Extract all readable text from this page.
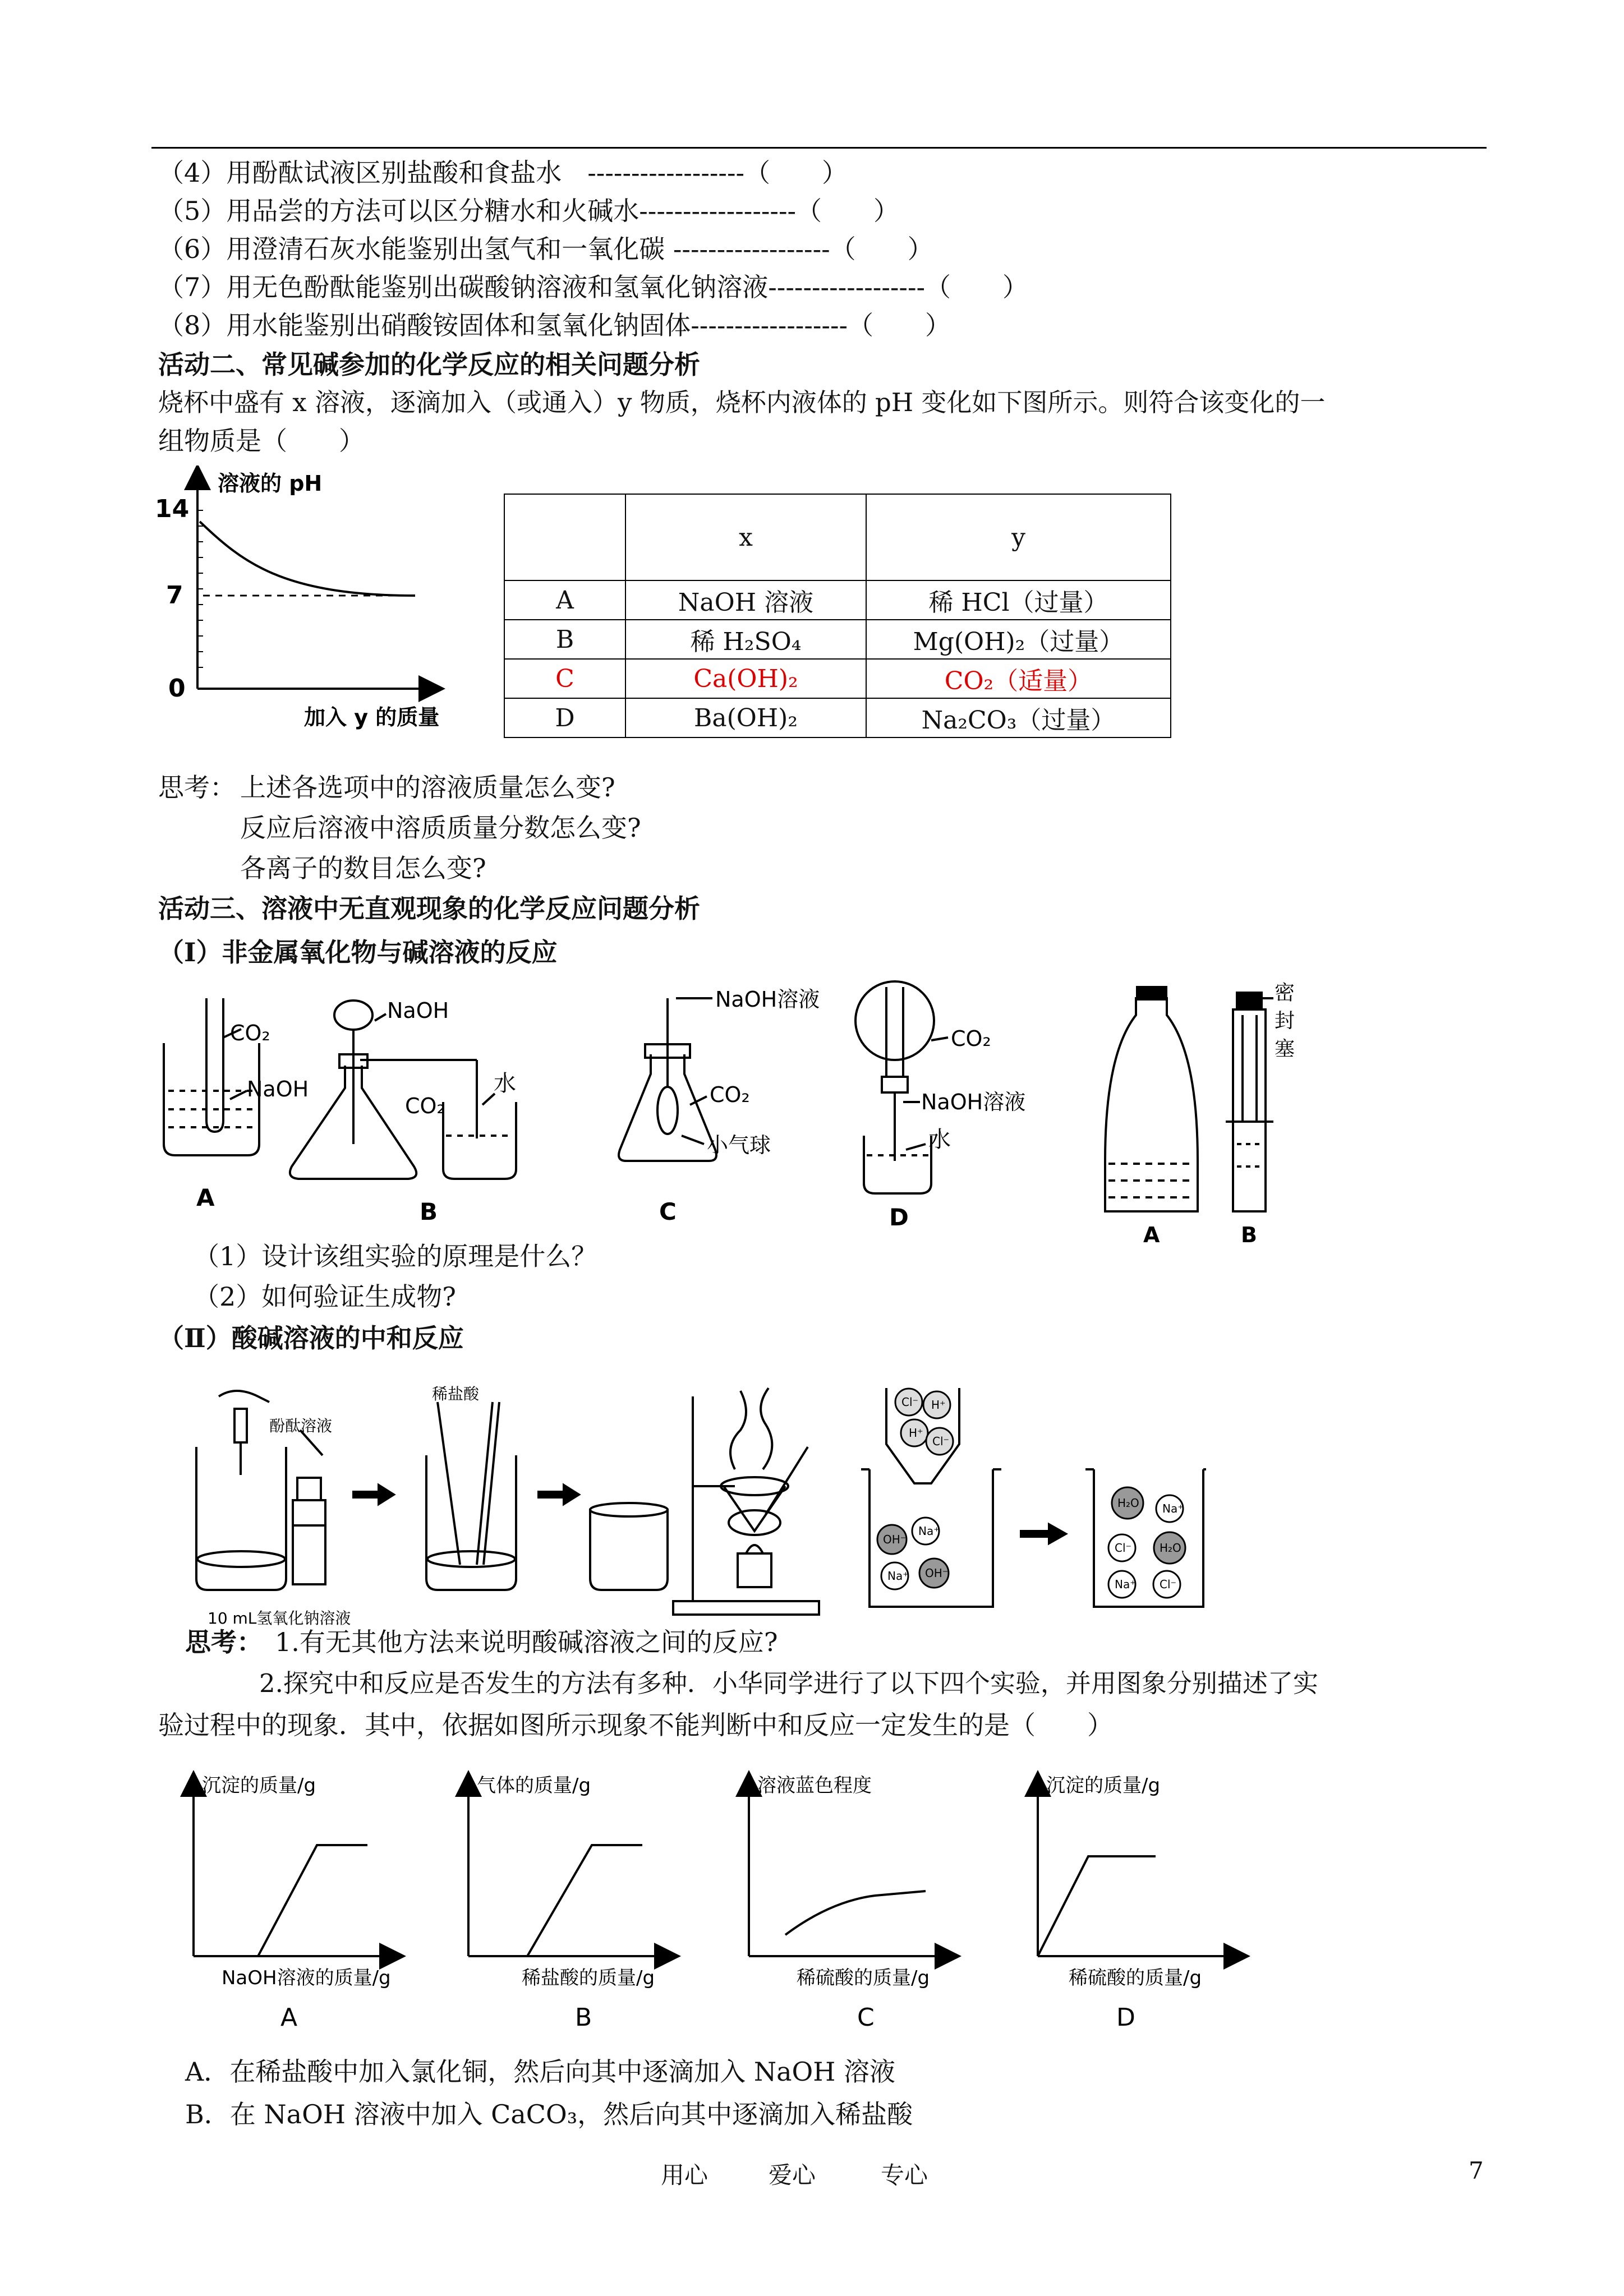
（4）用酚酞试液区别盐酸和食盐水　------------------（　　）
（5）用品尝的方法可以区分糖水和火碱水------------------（　　）
（6）用澄清石灰水能鉴别出氢气和一氧化碳 ------------------（　　）
（7）用无色酚酞能鉴别出碳酸钠溶液和氢氧化钠溶液------------------（　　）
（8）用水能鉴别出硝酸铵固体和氢氧化钠固体------------------（　　）
活动二、常见碱参加的化学反应的相关问题分析
烧杯中盛有 x 溶液，逐滴加入（或通入）y 物质，烧杯内液体的 pH 变化如下图所示。则符合该变化的一
组物质是（　　）
溶液的 pH
14
7
0
加入 y 的质量
	x	y
A	NaOH 溶液	稀 HCl（过量）
B	稀 H₂SO₄	Mg(OH)₂（过量）
C	Ca(OH)₂	CO₂（适量）
D	Ba(OH)₂	Na₂CO₃（过量）
思考： 上述各选项中的溶液质量怎么变?
反应后溶液中溶质质量分数怎么变?
各离子的数目怎么变?
活动三、溶液中无直观现象的化学反应问题分析
（Ⅰ）非金属氧化物与碱溶液的反应
CO₂
NaOH
A
NaOH
CO₂
水
B
NaOH溶液
CO₂
小气球
C
CO₂
NaOH溶液
水
D
A
密
封
塞
B
（1）设计该组实验的原理是什么？
（2）如何验证生成物?
（Ⅱ）酸碱溶液的中和反应
Cl⁻ H⁺
H⁺
Cl⁻
OH⁻
Na⁺
Na⁺ OH⁻
H₂O Na⁺
Cl⁻ H₂O
Na⁺ Cl⁻
酚酞溶液
10 mL氢氧化钠溶液
稀盐酸
思考： 1.有无其他方法来说明酸碱溶液之间的反应?
2.探究中和反应是否发生的方法有多种．小华同学进行了以下四个实验，并用图象分别描述了实
验过程中的现象．其中，依据如图所示现象不能判断中和反应一定发生的是（　　）
沉淀的质量/g
NaOH溶液的质量/g
A
气体的质量/g
稀盐酸的质量/g
B
溶液蓝色程度
稀硫酸的质量/g
C
沉淀的质量/g
稀硫酸的质量/g
D
A．在稀盐酸中加入氯化铜，然后向其中逐滴加入 NaOH 溶液
B．在 NaOH 溶液中加入 CaCO₃，然后向其中逐滴加入稀盐酸
用心	爱心	专心	7
